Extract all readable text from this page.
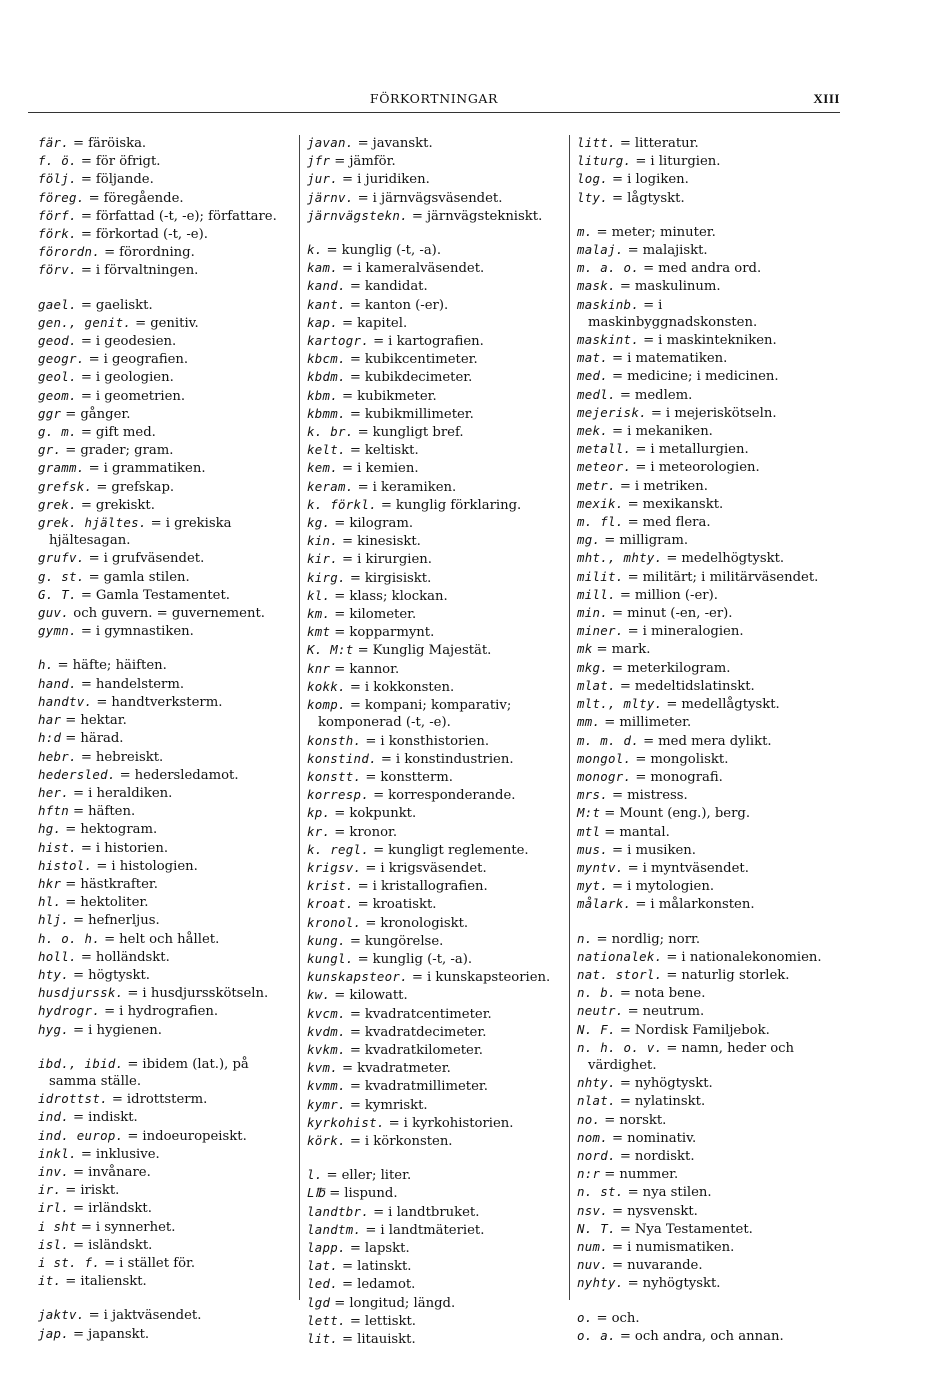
FÖRKORTNINGAR	XIII
fär. = färöiska.
f. ö. = för öfrigt.
följ. = följande.
föreg. = föregående.
förf. = författad (-t, -e); författare.
förk. = förkortad (-t, -e).
förordn. = förordning.
förv. = i förvaltningen.
gael. = gaeliskt.
gen., genit. = genitiv.
geod. = i geodesien.
geogr. = i geografien.
geol. = i geologien.
geom. = i geometrien.
ggr = gånger.
g. m. = gift med.
gr. = grader; gram.
gramm. = i grammatiken.
grefsk. = grefskap.
grek. = grekiskt.
grek. hjältes. = i grekiska hjältesagan.
grufv. = i grufväsendet.
g. st. = gamla stilen.
G. T. = Gamla Testamentet.
guv. och guvern. = guvernement.
gymn. = i gymnastiken.
h. = häfte; häiften.
hand. = handelsterm.
handtv. = handtverksterm.
har = hektar.
h:d = härad.
hebr. = hebreiskt.
hedersled. = hedersledamot.
her. = i heraldiken.
hftn = häften.
hg. = hektogram.
hist. = i historien.
histol. = i histologien.
hkr = hästkrafter.
hl. = hektoliter.
hlj. = hefnerljus.
h. o. h. = helt och hållet.
holl. = holländskt.
hty. = högtyskt.
husdjurssk. = i husdjursskötseln.
hydrogr. = i hydrografien.
hyg. = i hygienen.
ibd., ibid. = ibidem (lat.), på samma ställe.
idrottst. = idrottsterm.
ind. = indiskt.
ind. europ. = indoeuropeiskt.
inkl. = inklusive.
inv. = invånare.
ir. = iriskt.
irl. = irländskt.
i sht = i synnerhet.
isl. = isländskt.
i st. f. = i stället för.
it. = italienskt.
jaktv. = i jaktväsendet.
jap. = japanskt.
javan. = javanskt.
jfr = jämför.
jur. = i juridiken.
järnv. = i järnvägsväsendet.
järnvägstekn. = järnvägstekniskt.
k. = kunglig (-t, -a).
kam. = i kameralväsendet.
kand. = kandidat.
kant. = kanton (-er).
kap. = kapitel.
kartogr. = i kartografien.
kbcm. = kubikcentimeter.
kbdm. = kubikdecimeter.
kbm. = kubikmeter.
kbmm. = kubikmillimeter.
k. br. = kungligt bref.
kelt. = keltiskt.
kem. = i kemien.
keram. = i keramiken.
k. förkl. = kunglig förklaring.
kg. = kilogram.
kin. = kinesiskt.
kir. = i kirurgien.
kirg. = kirgisiskt.
kl. = klass; klockan.
km. = kilometer.
kmt = kopparmynt.
K. M:t = Kunglig Majestät.
knr = kannor.
kokk. = i kokkonsten.
komp. = kompani; komparativ; komponerad (-t, -e).
konsth. = i konsthistorien.
konstind. = i konstindustrien.
konstt. = konstterm.
korresp. = korresponderande.
kp. = kokpunkt.
kr. = kronor.
k. regl. = kungligt reglemente.
krigsv. = i krigsväsendet.
krist. = i kristallografien.
kroat. = kroatiskt.
kronol. = kronologiskt.
kung. = kungörelse.
kungl. = kunglig (-t, -a).
kunskapsteor. = i kunskapsteorien.
kw. = kilowatt.
kvcm. = kvadratcentimeter.
kvdm. = kvadratdecimeter.
kvkm. = kvadratkilometer.
kvm. = kvadratmeter.
kvmm. = kvadratmillimeter.
kymr. = kymriskt.
kyrkohist. = i kyrkohistorien.
körk. = i körkonsten.
l. = eller; liter.
L℔ = lispund.
landtbr. = i landtbruket.
landtm. = i landtmäteriet.
lapp. = lapskt.
lat. = latinskt.
led. = ledamot.
lgd = longitud; längd.
lett. = lettiskt.
lit. = litauiskt.
litt. = litteratur.
liturg. = i liturgien.
log. = i logiken.
lty. = lågtyskt.
m. = meter; minuter.
malaj. = malajiskt.
m. a. o. = med andra ord.
mask. = maskulinum.
maskinb. = i maskinbyggnadskonsten.
maskint. = i maskintekniken.
mat. = i matematiken.
med. = medicine; i medicinen.
medl. = medlem.
mejerisk. = i mejeriskötseln.
mek. = i mekaniken.
metall. = i metallurgien.
meteor. = i meteorologien.
metr. = i metriken.
mexik. = mexikanskt.
m. fl. = med flera.
mg. = milligram.
mht., mhty. = medelhögtyskt.
milit. = militärt; i militärväsendet.
mill. = million (-er).
min. = minut (-en, -er).
miner. = i mineralogien.
mk = mark.
mkg. = meterkilogram.
mlat. = medeltidslatinskt.
mlt., mlty. = medellågtyskt.
mm. = millimeter.
m. m. d. = med mera dylikt.
mongol. = mongoliskt.
monogr. = monografi.
mrs. = mistress.
M:t = Mount (eng.), berg.
mtl = mantal.
mus. = i musiken.
myntv. = i myntväsendet.
myt. = i mytologien.
målark. = i målarkonsten.
n. = nordlig; norr.
nationalek. = i nationalekonomien.
nat. storl. = naturlig storlek.
n. b. = nota bene.
neutr. = neutrum.
N. F. = Nordisk Familjebok.
n. h. o. v. = namn, heder och värdighet.
nhty. = nyhögtyskt.
nlat. = nylatinskt.
no. = norskt.
nom. = nominativ.
nord. = nordiskt.
n:r = nummer.
n. st. = nya stilen.
nsv. = nysvenskt.
N. T. = Nya Testamentet.
num. = i numismatiken.
nuv. = nuvarande.
nyhty. = nyhögtyskt.
o. = och.
o. a. = och andra, och annan.
